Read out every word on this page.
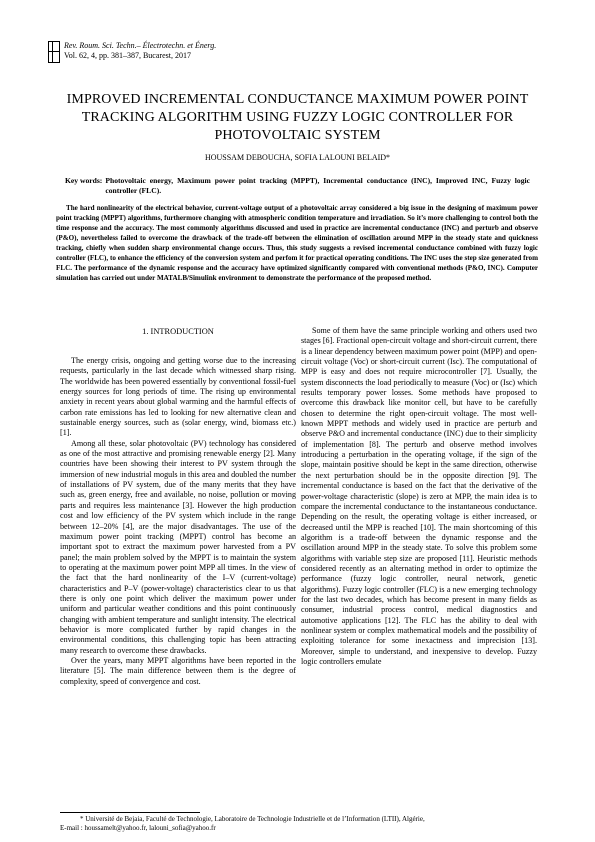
Rev. Roum. Sci. Techn.– Électrotechn. et Énerg.
Vol. 62, 4, pp. 381–387, Bucarest, 2017
IMPROVED INCREMENTAL CONDUCTANCE MAXIMUM POWER POINT TRACKING ALGORITHM USING FUZZY LOGIC CONTROLLER FOR PHOTOVOLTAIC SYSTEM
HOUSSAM DEBOUCHA, SOFIA LALOUNI BELAID*
Key words: Photovoltaic energy, Maximum power point tracking (MPPT), Incremental conductance (INC), Improved INC, Fuzzy logic controller (FLC).

The hard nonlinearity of the electrical behavior, current-voltage output of a photovoltaic array considered a big issue in the designing of maximum power point tracking (MPPT) algorithms, furthermore changing with atmospheric condition temperature and irradiation. So it’s more challenging to control both the time response and the accuracy. The most commonly algorithms discussed and used in practice are incremental conductance (INC) and perturb and observe (P&O), nevertheless failed to overcome the drawback of the trade-off between the elimination of oscillation around MPP in the steady state and quickness tracking, chiefly when sudden sharp environmental change occurs. Thus, this study suggests a revised incremental conductance combined with fuzzy logic controller (FLC), to enhance the efficiency of the conversion system and perfom it for practical operating conditions. The INC uses the step size generated from FLC. The performance of the dynamic response and the accuracy have optimized significantly compared with conventional methods (P&O, INC). Computer simulation has carried out under MATALB/Simulink environment to demonstrate the performance of the proposed method.

1. INTRODUCTION

The energy crisis, ongoing and getting worse due to the increasing requests, particularly in the last decade which witnessed sharp rising. The worldwide has been powered essentially by conventional fossil-fuel energy sources for long periods of time. The rising up environmental anxiety in recent years about global warming and the harmful effects of carbon rate emissions has led to looking for new alternative clean and sustainable energy sources, such as (solar energy, wind, biomass etc.) [1].

Among all these, solar photovoltaic (PV) technology has considered as one of the most attractive and promising renewable energy [2]. Many countries have been showing their interest to PV system through the immersion of new industrial moguls in this area and doubled the number of installations of PV system, due of the many merits that they have such as, green energy, free and available, no noise, pollution or moving parts and requires less maintenance [3]. However the high production cost and low efficiency of the PV system which include in the range between 12–20% [4], are the major disadvantages. The use of the maximum power point tracking (MPPT) control has become an important spot to extract the maximum power harvested from a PV panel; the main problem solved by the MPPT is to maintain the system to operating at the maximum power point MPP all times. In the view of the fact that the hard nonlinearity of the I–V (current-voltage) characteristics and P–V (power-voltage) characteristics clear to us that there is only one point which deliver the maximum power under uniform and particular weather conditions and this point continuously changing with ambient temperature and sunlight intensity. The electrical behavior is more complicated further by rapid changes in the environmental conditions, this challenging topic has been attracting many research to overcome these drawbacks.

Over the years, many MPPT algorithms have been reported in the literature [5]. The main difference between them is the degree of complexity, speed of convergence and cost.

Some of them have the same principle working and others used two stages [6]. Fractional open-circuit voltage and short-circuit current, there is a linear dependency between maximum power point (MPP) and open-circuit voltage (Voc) or short-circuit current (Isc). The computational of MPP is easy and does not require microcontroller [7]. Usually, the system disconnects the load periodically to measure (Voc) or (Isc) which results temporary power losses. Some methods have proposed to overcome this drawback like monitor cell, but have to be carefully chosen to determine the right open-circuit voltage. The most well-known MPPT methods and widely used in practice are perturb and observe P&O and incremental conductance (INC) due to their simplicity of implementation [8]. The perturb and observe method involves introducing a perturbation in the operating voltage, if the sign of the slope, maintain positive should be kept in the same direction, otherwise the next perturbation should be in the opposite direction [9]. The incremental conductance is based on the fact that the derivative of the power-voltage characteristic (slope) is zero at MPP, the main idea is to compare the incremental conductance to the instantaneous conductance. Depending on the result, the operating voltage is either increased, or decreased until the MPP is reached [10]. The main shortcoming of this algorithm is a trade-off between the dynamic response and the oscillation around MPP in the steady state. To solve this problem some algorithms with variable step size are proposed [11]. Heuristic methods considered recently as an alternating method in order to optimize the performance (fuzzy logic controller, neural network, genetic algorithms). Fuzzy logic controller (FLC) is a new emerging technology for the last two decades, which has become present in many fields as consumer, industrial process control, medical diagnostics and automotive applications [12]. The FLC has the ability to deal with nonlinear system or complex mathematical models and the possibility of exploiting tolerance for some inexactness and imprecision [13]. Moreover, simple to understand, and inexpensive to develop. Fuzzy logic controllers emulate

* Université de Bejaia, Faculté de Technologie, Laboratoire de Technologie Industrielle et de l’Information (LTII), Algérie,
E-mail : houssamelt@yahoo.fr, lalouni_sofia@yahoo.fr
